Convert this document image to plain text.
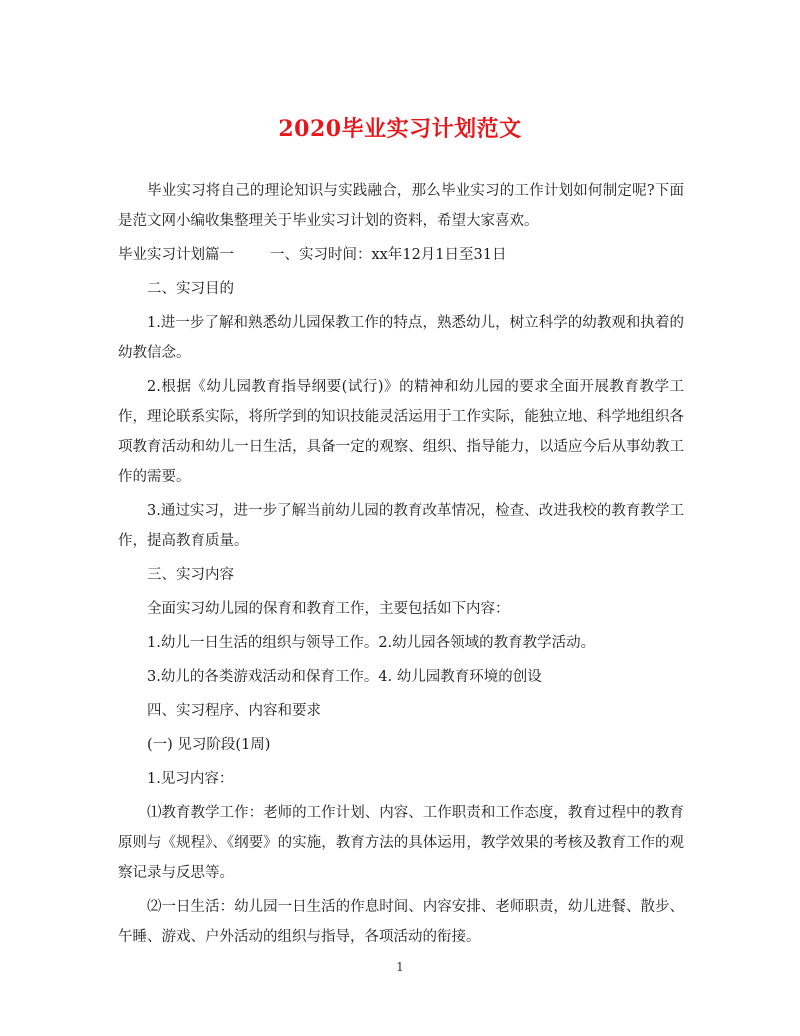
2020毕业实习计划范文

毕业实习将自己的理论知识与实践融合，那么毕业实习的工作计划如何制定呢?下面是范文网小编收集整理关于毕业实习计划的资料，希望大家喜欢。

毕业实习计划篇一 一、实习时间：xx年12月1日至31日

二、实习目的

1.进一步了解和熟悉幼儿园保教工作的特点，熟悉幼儿，树立科学的幼教观和执着的幼教信念。

2.根据《幼儿园教育指导纲要(试行)》的精神和幼儿园的要求全面开展教育教学工作，理论联系实际，将所学到的知识技能灵活运用于工作实际，能独立地、科学地组织各项教育活动和幼儿一日生活，具备一定的观察、组织、指导能力，以适应今后从事幼教工作的需要。

3.通过实习，进一步了解当前幼儿园的教育改革情况，检查、改进我校的教育教学工作，提高教育质量。

三、实习内容

全面实习幼儿园的保育和教育工作，主要包括如下内容：

1.幼儿一日生活的组织与领导工作。2.幼儿园各领域的教育教学活动。

3.幼儿的各类游戏活动和保育工作。4. 幼儿园教育环境的创设

四、实习程序、内容和要求

(一) 见习阶段(1周)

1.见习内容：

⑴教育教学工作：老师的工作计划、内容、工作职责和工作态度，教育过程中的教育原则与《规程》、《纲要》的实施，教育方法的具体运用，教学效果的考核及教育工作的观察记录与反思等。

⑵一日生活：幼儿园一日生活的作息时间、内容安排、老师职责，幼儿进餐、散步、午睡、游戏、户外活动的组织与指导，各项活动的衔接。

1
